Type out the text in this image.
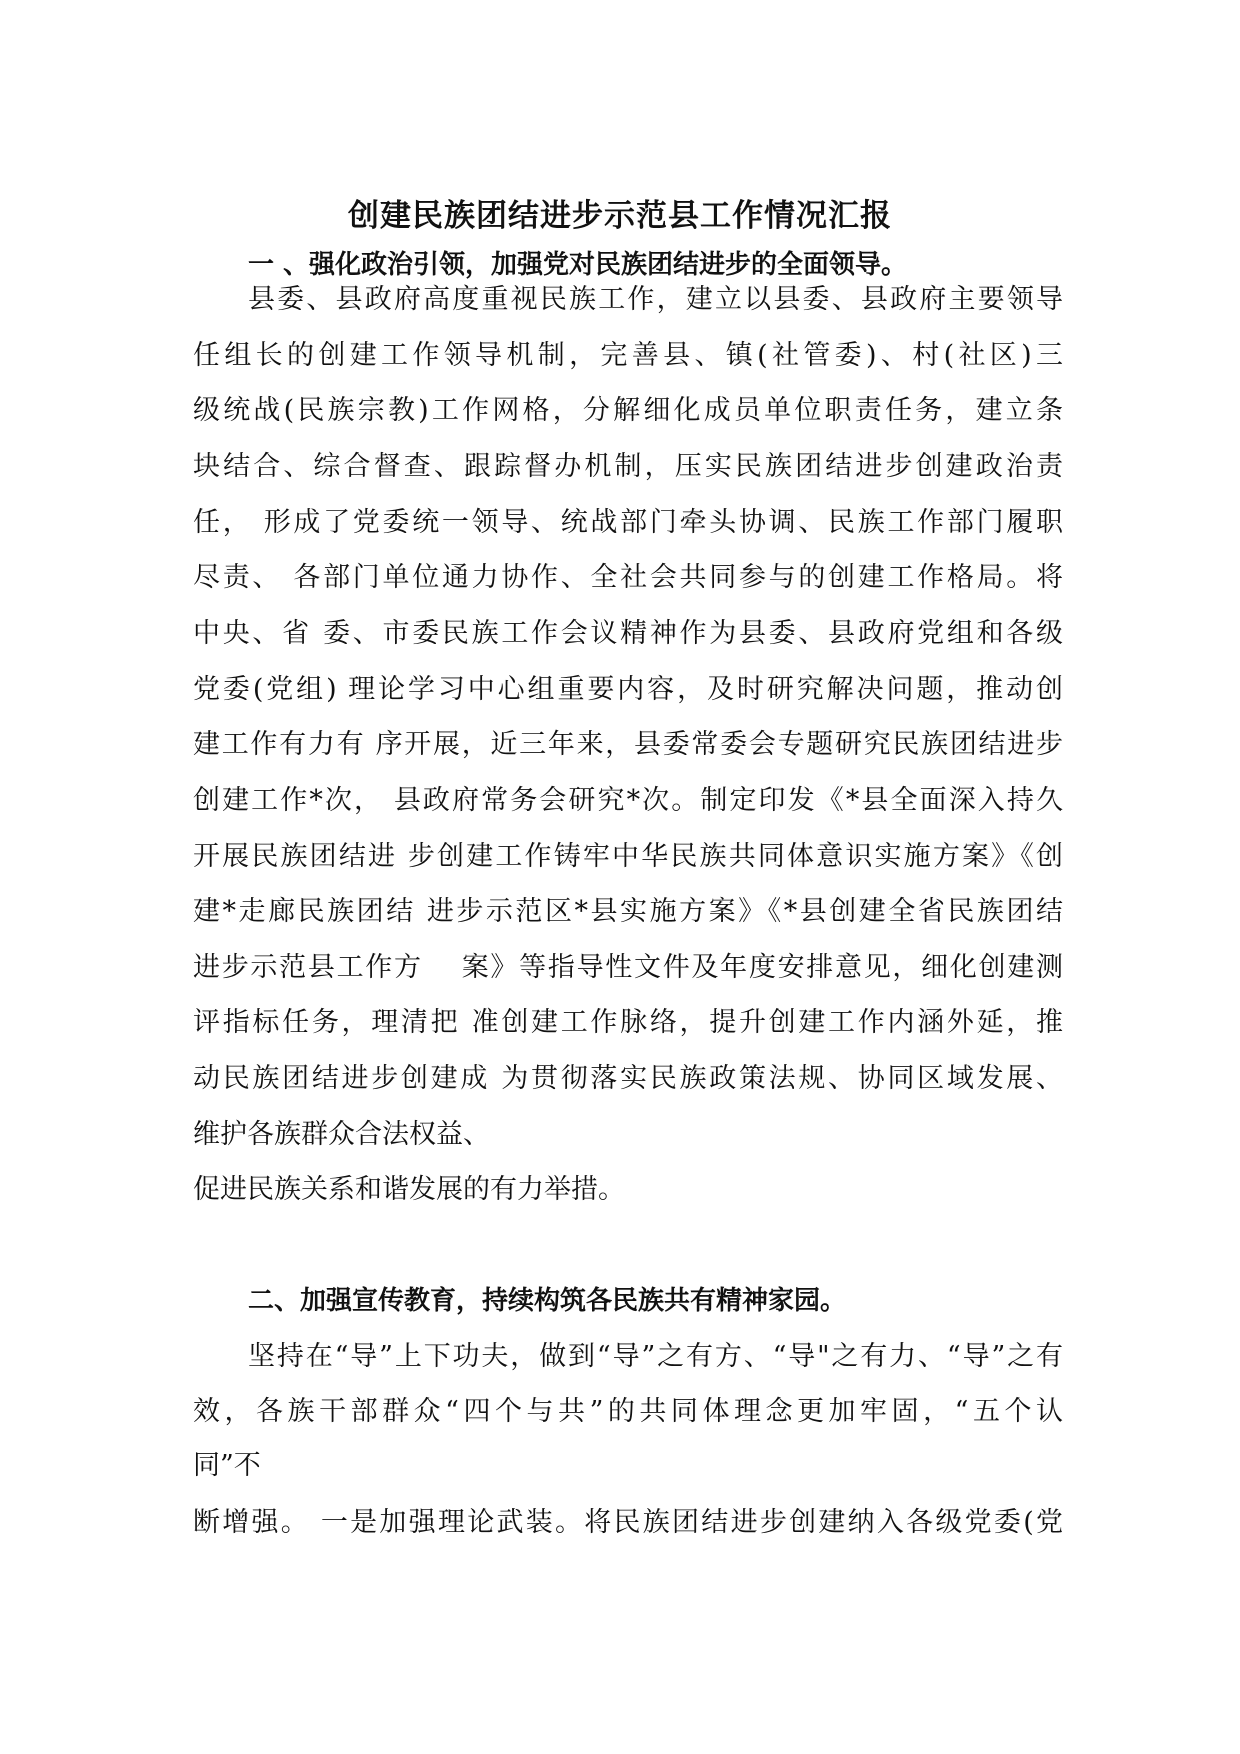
创建民族团结进步示范县工作情况汇报
一 、强化政治引领，加强党对民族团结进步的全面领导。
县委、县政府高度重视民族工作，建立以县委、县政府主要领导
任组长的创建工作领导机制，完善县、镇(社管委)、村(社区)三
级统战(民族宗教)工作网格，分解细化成员单位职责任务，建立条
块结合、综合督查、跟踪督办机制，压实民族团结进步创建政治责
任， 形成了党委统一领导、统战部门牵头协调、民族工作部门履职
尽责、 各部门单位通力协作、全社会共同参与的创建工作格局。将
中央、省 委、市委民族工作会议精神作为县委、县政府党组和各级
党委(党组) 理论学习中心组重要内容，及时研究解决问题，推动创
建工作有力有 序开展，近三年来，县委常委会专题研究民族团结进步
创建工作*次， 县政府常务会研究*次。制定印发《*县全面深入持久
开展民族团结进 步创建工作铸牢中华民族共同体意识实施方案》《创
建*走廊民族团结 进步示范区*县实施方案》《*县创建全省民族团结
进步示范县工作方　 案》等指导性文件及年度安排意见，细化创建测
评指标任务，理清把 准创建工作脉络，提升创建工作内涵外延，推
动民族团结进步创建成 为贯彻落实民族政策法规、协同区域发展、
维护各族群众合法权益、
促进民族关系和谐发展的有力举措。
二、加强宣传教育，持续构筑各民族共有精神家园。
坚持在“导”上下功夫，做到“导”之有方、“导"之有力、“导”之有
效，各族干部群众“四个与共”的共同体理念更加牢固，“五个认
同”不
断增强。 一是加强理论武装。将民族团结进步创建纳入各级党委(党
